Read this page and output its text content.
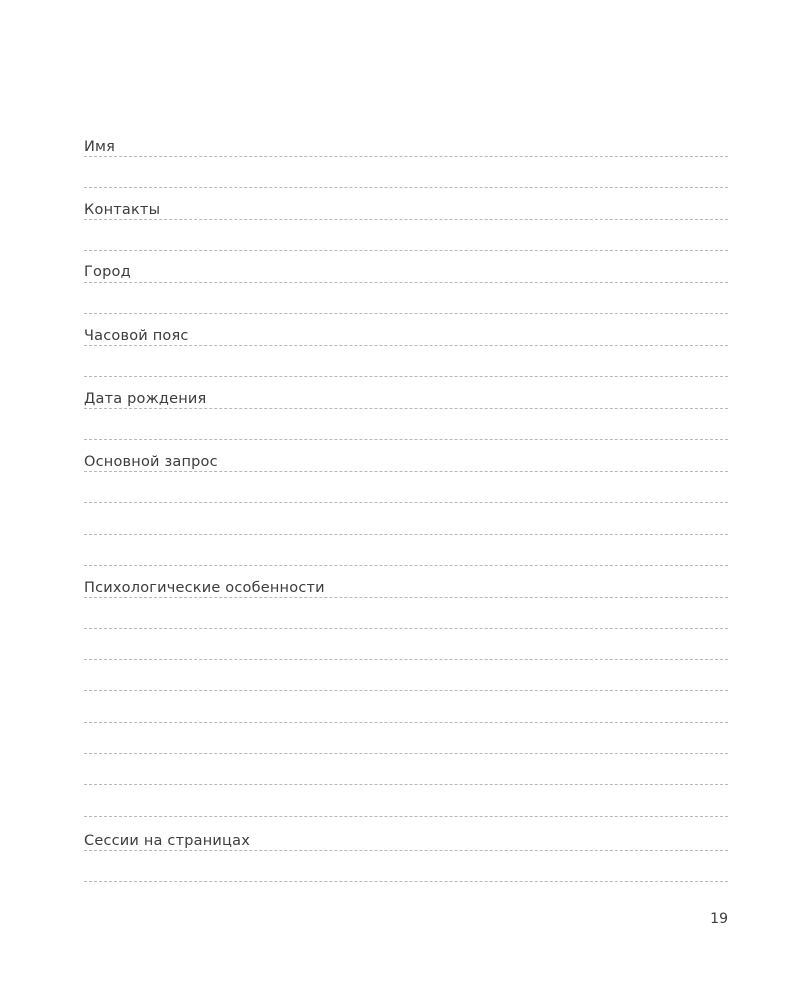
Имя
Контакты
Город
Часовой пояс
Дата рождения
Основной запрос
Психологические особенности
Сессии на страницах
19
